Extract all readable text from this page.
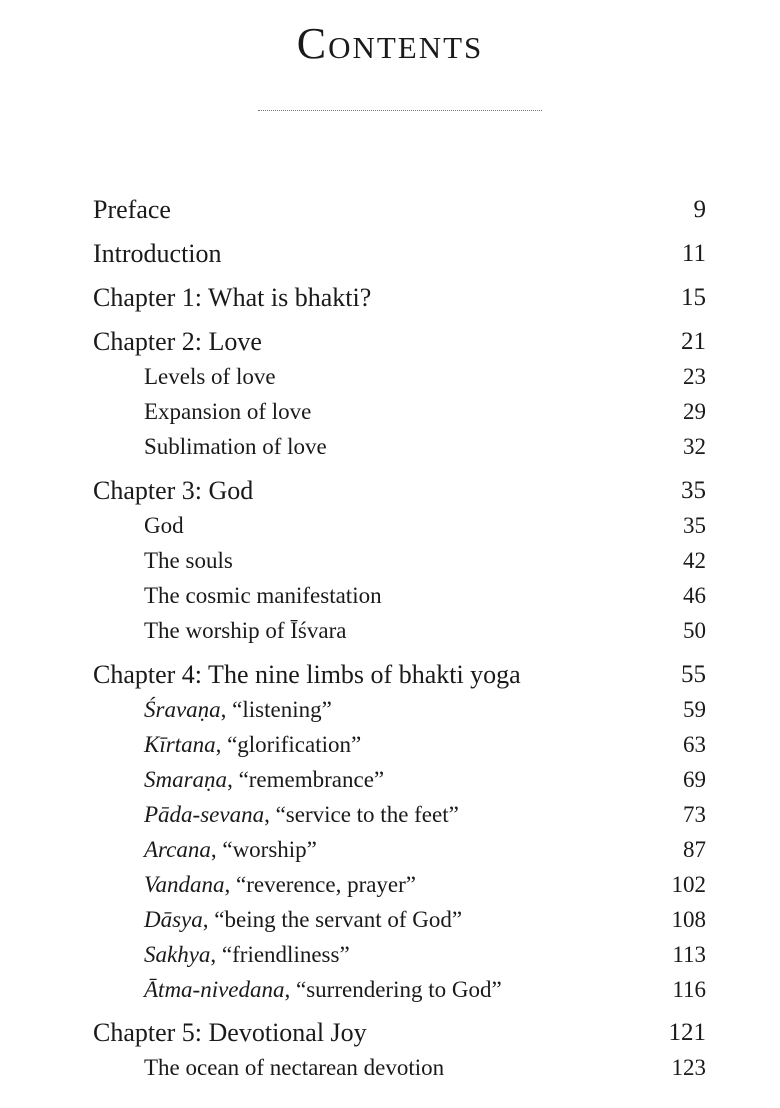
Contents
Preface	9
Introduction	11
Chapter 1: What is bhakti?	15
Chapter 2: Love	21
Levels of love	23
Expansion of love	29
Sublimation of love	32
Chapter 3: God	35
God	35
The souls	42
The cosmic manifestation	46
The worship of Īśvara	50
Chapter 4: The nine limbs of bhakti yoga	55
Śravaṇa, “listening”	59
Kīrtana, “glorification”	63
Smaraṇa, “remembrance”	69
Pāda-sevana, “service to the feet”	73
Arcana, “worship”	87
Vandana, “reverence, prayer”	102
Dāsya, “being the servant of God”	108
Sakhya, “friendliness”	113
Ātma-nivedana, “surrendering to God”	116
Chapter 5: Devotional Joy	121
The ocean of nectarean devotion	123
